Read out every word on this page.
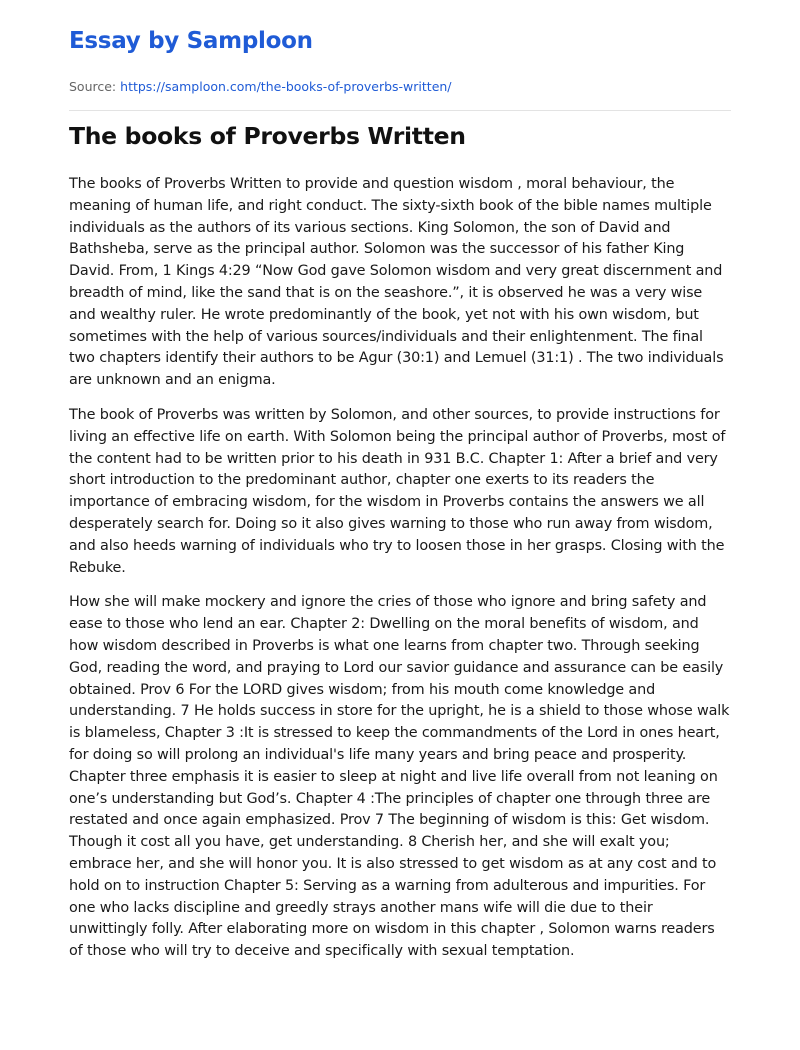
Essay by Samploon
Source: https://samploon.com/the-books-of-proverbs-written/
The books of Proverbs Written

The books of Proverbs Written to provide and question wisdom , moral behaviour, the meaning of human life, and right conduct. The sixty-sixth book of the bible names multiple individuals as the authors of its various sections. King Solomon, the son of David and Bathsheba, serve as the principal author. Solomon was the successor of his father King David. From, 1 Kings 4:29 “Now God gave Solomon wisdom and very great discernment and breadth of mind, like the sand that is on the seashore.”, it is observed he was a very wise and wealthy ruler. He wrote predominantly of the book, yet not with his own wisdom, but sometimes with the help of various sources/individuals and their enlightenment. The final two chapters identify their authors to be Agur (30:1) and Lemuel (31:1) . The two individuals are unknown and an enigma.

The book of Proverbs was written by Solomon, and other sources, to provide instructions for living an effective life on earth. With Solomon being the principal author of Proverbs, most of the content had to be written prior to his death in 931 B.C. Chapter 1: After a brief and very short introduction to the predominant author, chapter one exerts to its readers the importance of embracing wisdom, for the wisdom in Proverbs contains the answers we all desperately search for. Doing so it also gives warning to those who run away from wisdom, and also heeds warning of individuals who try to loosen those in her grasps. Closing with the Rebuke.

How she will make mockery and ignore the cries of those who ignore and bring safety and ease to those who lend an ear. Chapter 2: Dwelling on the moral benefits of wisdom, and how wisdom described in Proverbs is what one learns from chapter two. Through seeking God, reading the word, and praying to Lord our savior guidance and assurance can be easily obtained. Prov 6 For the LORD gives wisdom; from his mouth come knowledge and understanding. 7 He holds success in store for the upright, he is a shield to those whose walk is blameless, Chapter 3 :It is stressed to keep the commandments of the Lord in ones heart, for doing so will prolong an individual's life many years and bring peace and prosperity. Chapter three emphasis it is easier to sleep at night and live life overall from not leaning on one’s understanding but God’s. Chapter 4 :The principles of chapter one through three are restated and once again emphasized. Prov 7 The beginning of wisdom is this: Get wisdom. Though it cost all you have, get understanding. 8 Cherish her, and she will exalt you; embrace her, and she will honor you. It is also stressed to get wisdom as at any cost and to hold on to instruction Chapter 5: Serving as a warning from adulterous and impurities. For one who lacks discipline and greedly strays another mans wife will die due to their unwittingly folly. After elaborating more on wisdom in this chapter , Solomon warns readers of those who will try to deceive and specifically with sexual temptation.
